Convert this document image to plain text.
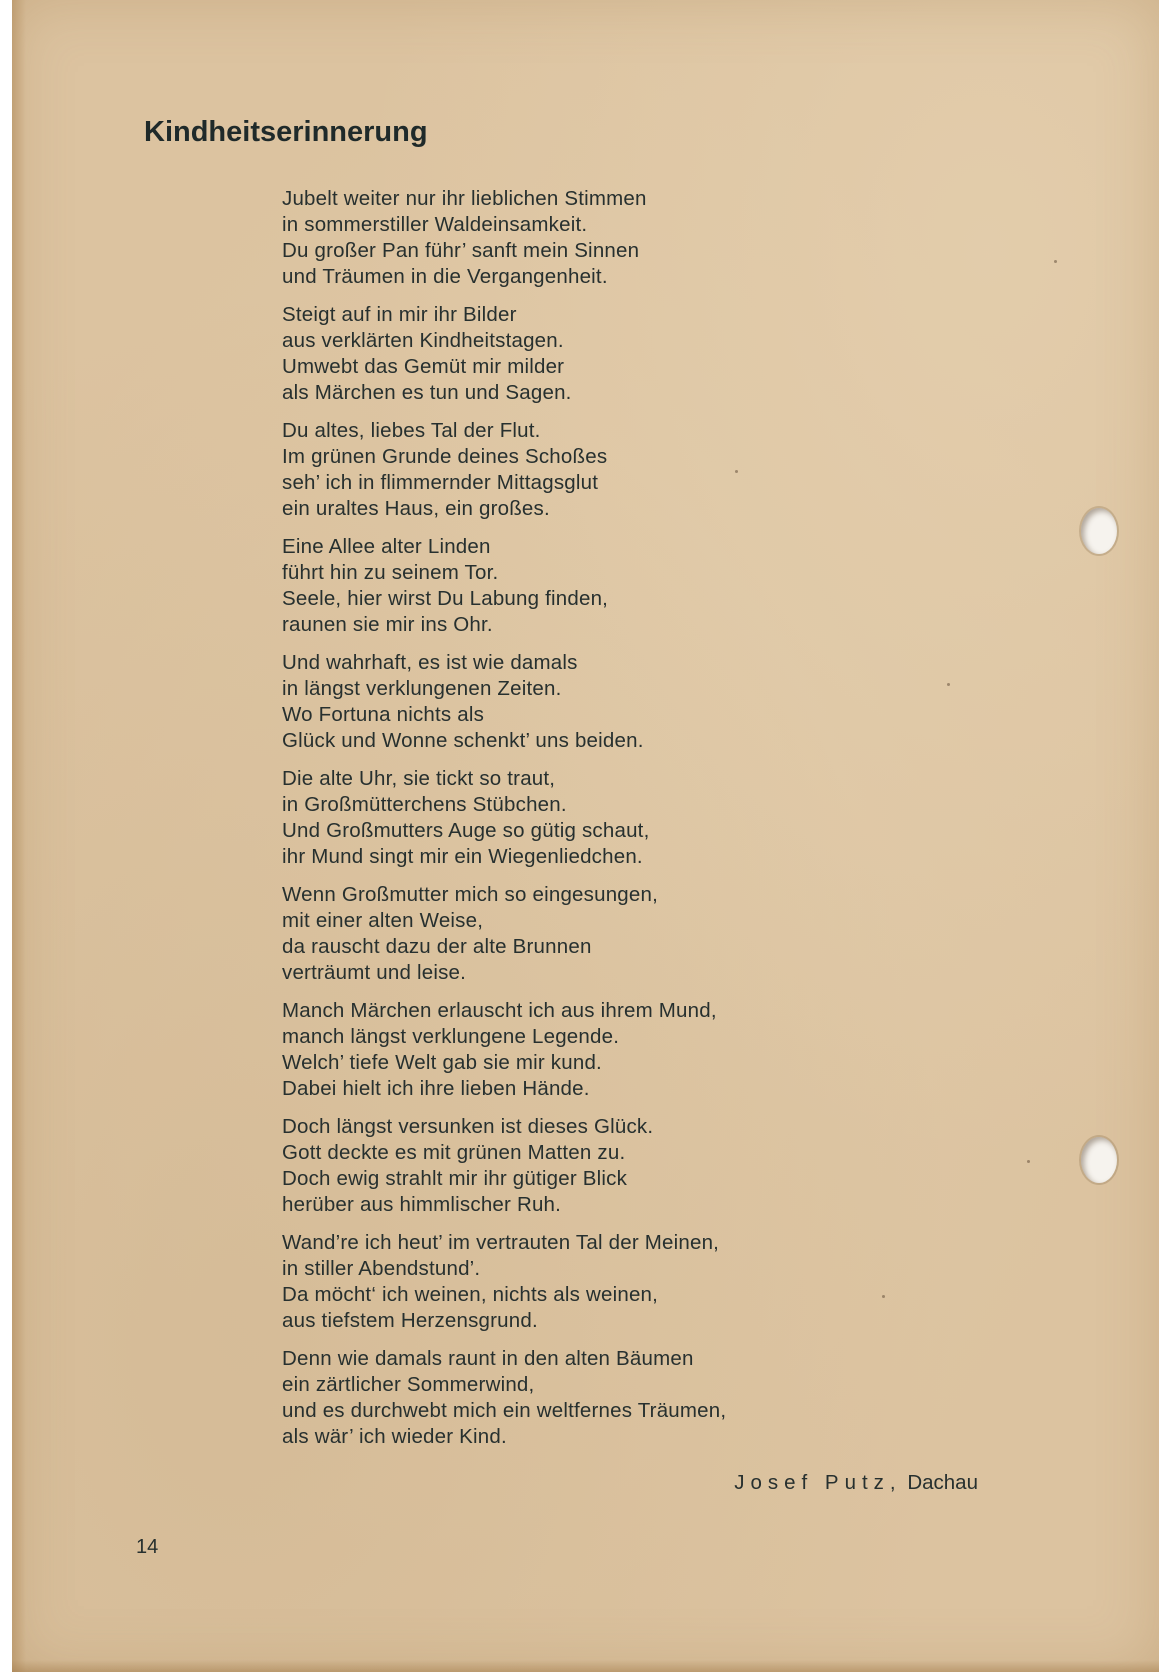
Kindheitserinnerung
Jubelt weiter nur ihr lieblichen Stimmen
in sommerstiller Waldeinsamkeit.
Du großer Pan führ’ sanft mein Sinnen
und Träumen in die Vergangenheit.
Steigt auf in mir ihr Bilder
aus verklärten Kindheitstagen.
Umwebt das Gemüt mir milder
als Märchen es tun und Sagen.
Du altes, liebes Tal der Flut.
Im grünen Grunde deines Schoßes
seh’ ich in flimmernder Mittagsglut
ein uraltes Haus, ein großes.
Eine Allee alter Linden
führt hin zu seinem Tor.
Seele, hier wirst Du Labung finden,
raunen sie mir ins Ohr.
Und wahrhaft, es ist wie damals
in längst verklungenen Zeiten.
Wo Fortuna nichts als
Glück und Wonne schenkt’ uns beiden.
Die alte Uhr, sie tickt so traut,
in Großmütterchens Stübchen.
Und Großmutters Auge so gütig schaut,
ihr Mund singt mir ein Wiegenliedchen.
Wenn Großmutter mich so eingesungen,
mit einer alten Weise,
da rauscht dazu der alte Brunnen
verträumt und leise.
Manch Märchen erlauscht ich aus ihrem Mund,
manch längst verklungene Legende.
Welch’ tiefe Welt gab sie mir kund.
Dabei hielt ich ihre lieben Hände.
Doch längst versunken ist dieses Glück.
Gott deckte es mit grünen Matten zu.
Doch ewig strahlt mir ihr gütiger Blick
herüber aus himmlischer Ruh.
Wand’re ich heut’ im vertrauten Tal der Meinen,
in stiller Abendstund’.
Da möcht‘ ich weinen, nichts als weinen,
aus tiefstem Herzensgrund.
Denn wie damals raunt in den alten Bäumen
ein zärtlicher Sommerwind,
und es durchwebt mich ein weltfernes Träumen,
als wär’ ich wieder Kind.
Josef Putz, Dachau
14
